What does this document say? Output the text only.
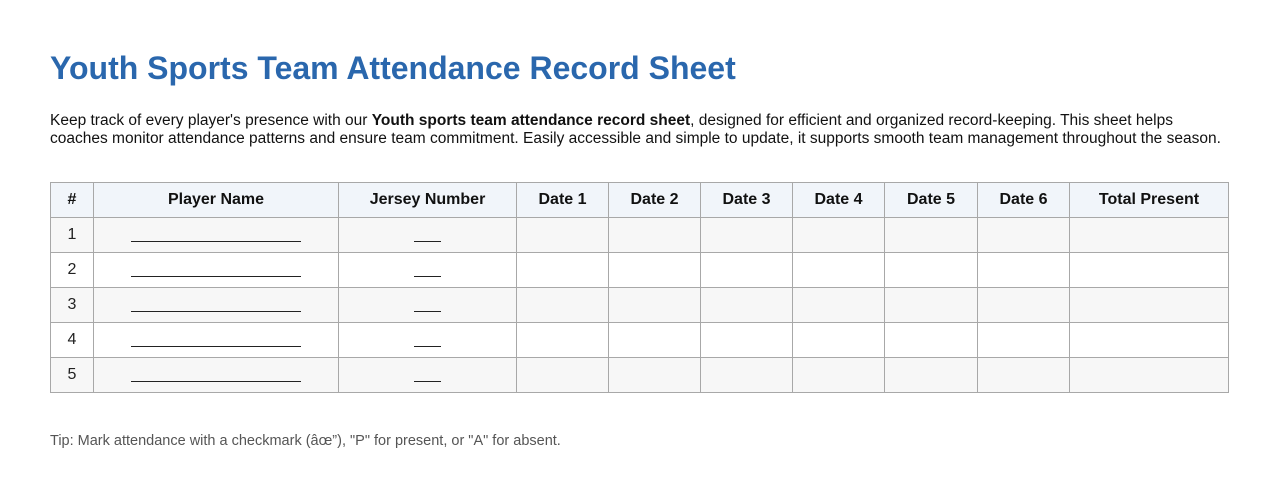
Youth Sports Team Attendance Record Sheet

Keep track of every player's presence with our Youth sports team attendance record sheet, designed for efficient and organized record-keeping. This sheet helps coaches monitor attendance patterns and ensure team commitment. Easily accessible and simple to update, it supports smooth team management throughout the season.

#	Player Name	Jersey Number	Date 1	Date 2	Date 3	Date 4	Date 5	Date 6	Total Present
1									
2									
3									
4									
5									

Tip: Mark attendance with a checkmark (âœ”), "P" for present, or "A" for absent.
